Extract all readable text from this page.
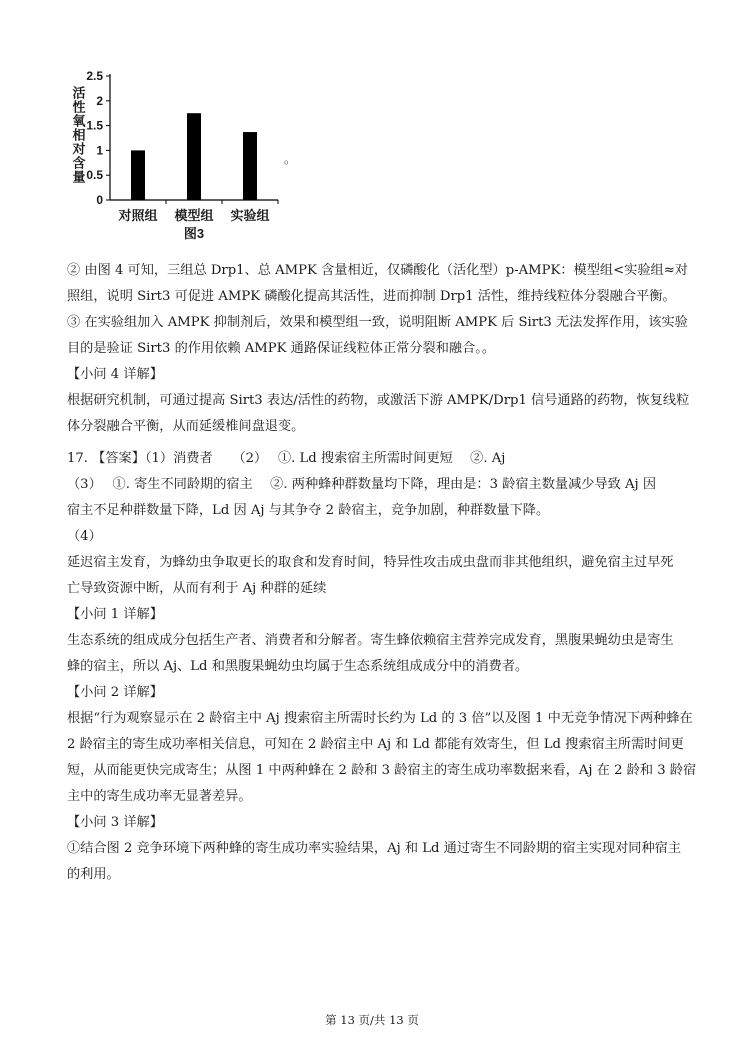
0
0.5
1
1.5
2
2.5
活性氧相对含量
对照组 模型组 实验组
图3
。
② 由图 4 可知，三组总 Drp1、总 AMPK 含量相近，仅磷酸化（活化型）p-AMPK：模型组<实验组≈对
照组，说明 Sirt3 可促进 AMPK 磷酸化提高其活性，进而抑制 Drp1 活性，维持线粒体分裂融合平衡。
③ 在实验组加入 AMPK 抑制剂后，效果和模型组一致，说明阻断 AMPK 后 Sirt3 无法发挥作用，该实验
目的是验证 Sirt3 的作用依赖 AMPK 通路保证线粒体正常分裂和融合。。
【小问 4 详解】
根据研究机制，可通过提高 Sirt3 表达/活性的药物，或激活下游 AMPK/Drp1 信号通路的药物，恢复线粒
体分裂融合平衡，从而延缓椎间盘退变。
17. 【答案】（1）消费者　　（2）　 ①. Ld 搜索宿主所需时间更短　 ②. Aj
（3）　 ①. 寄生不同龄期的宿主　 ②. 两种蜂种群数量均下降，理由是：3 龄宿主数量减少导致 Aj 因
宿主不足种群数量下降，Ld 因 Aj 与其争夺 2 龄宿主，竞争加剧，种群数量下降。
（4）
延迟宿主发育，为蜂幼虫争取更长的取食和发育时间，特异性攻击成虫盘而非其他组织，避免宿主过早死
亡导致资源中断，从而有利于 Aj 种群的延续
【小问 1 详解】
生态系统的组成成分包括生产者、消费者和分解者。寄生蜂依赖宿主营养完成发育，黑腹果蝇幼虫是寄生
蜂的宿主，所以 Aj、Ld 和黑腹果蝇幼虫均属于生态系统组成成分中的消费者。
【小问 2 详解】
根据“行为观察显示在 2 龄宿主中 Aj 搜索宿主所需时长约为 Ld 的 3 倍”以及图 1 中无竞争情况下两种蜂在
2 龄宿主的寄生成功率相关信息，可知在 2 龄宿主中 Aj 和 Ld 都能有效寄生，但 Ld 搜索宿主所需时间更
短，从而能更快完成寄生；从图 1 中两种蜂在 2 龄和 3 龄宿主的寄生成功率数据来看，Aj 在 2 龄和 3 龄宿
主中的寄生成功率无显著差异。
【小问 3 详解】
①结合图 2 竞争环境下两种蜂的寄生成功率实验结果，Aj 和 Ld 通过寄生不同龄期的宿主实现对同种宿主
的利用。
第 13 页/共 13 页
